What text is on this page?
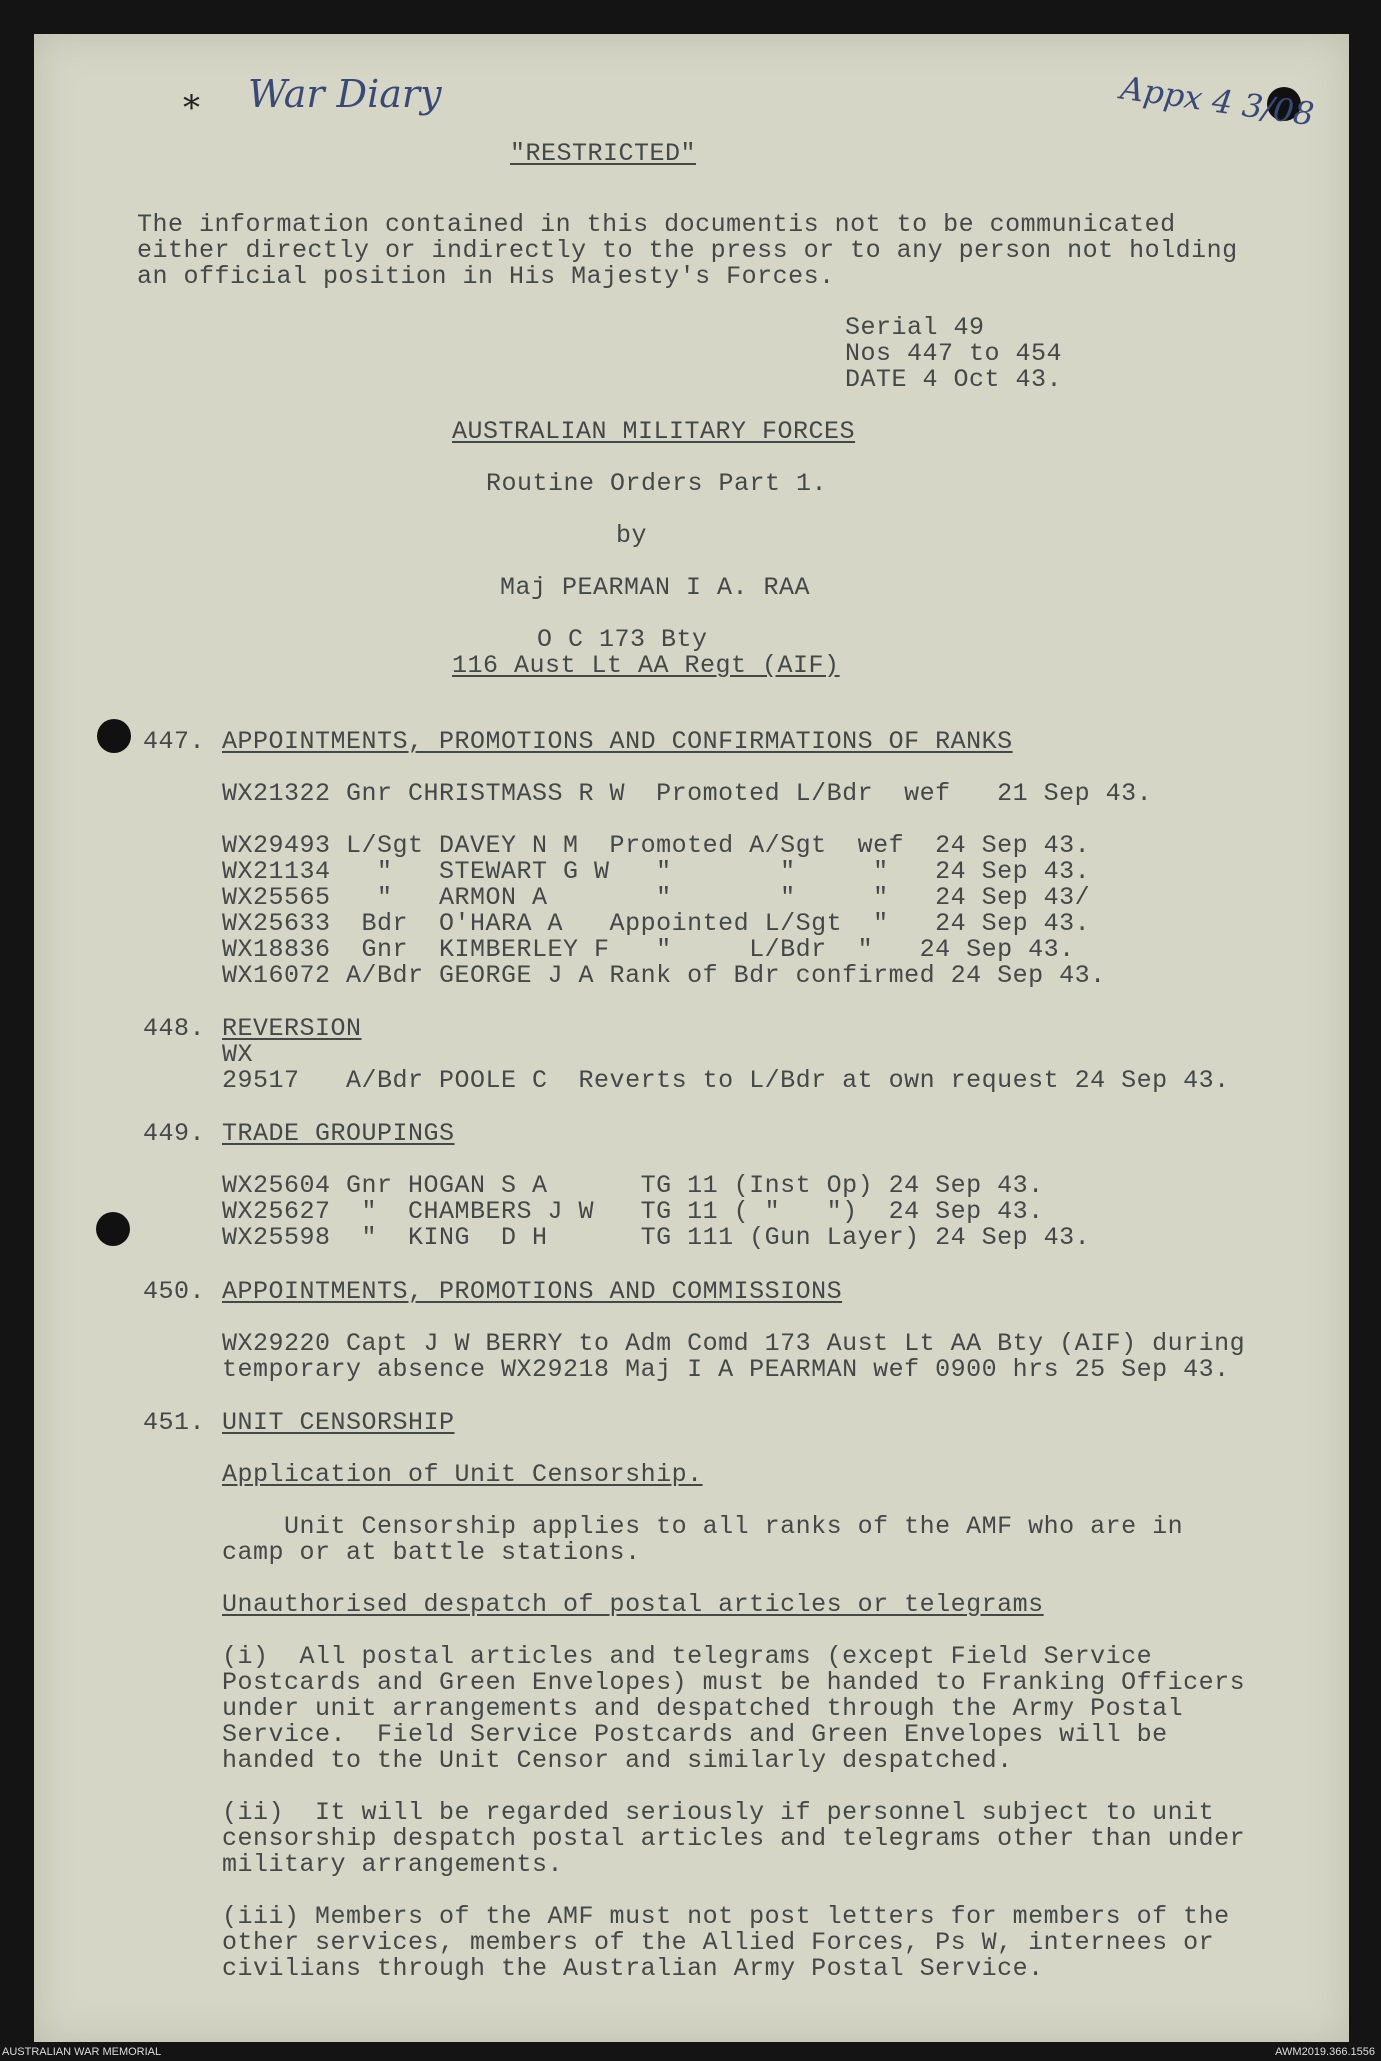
* War Diary	Appx 4 3/08
"RESTRICTED"
The information contained in this documentis not to be communicated
either directly or indirectly to the press or to any person not holding
an official position in His Majesty's Forces.
Serial 49
Nos 447 to 454
DATE 4 Oct 43.
AUSTRALIAN MILITARY FORCES
Routine Orders Part 1.
by
Maj PEARMAN I A. RAA
O C 173 Bty
116 Aust Lt AA Regt (AIF)
447. APPOINTMENTS, PROMOTIONS AND CONFIRMATIONS OF RANKS
WX21322 Gnr CHRISTMASS R W  Promoted L/Bdr  wef   21 Sep 43.
WX29493 L/Sgt DAVEY N M  Promoted A/Sgt  wef  24 Sep 43.
WX21134   "   STEWART G W   "       "     "   24 Sep 43.
WX25565   "   ARMON A       "       "     "   24 Sep 43/
WX25633  Bdr  O'HARA A   Appointed L/Sgt  "   24 Sep 43.
WX18836  Gnr  KIMBERLEY F   "     L/Bdr  "   24 Sep 43.
WX16072 A/Bdr GEORGE J A Rank of Bdr confirmed 24 Sep 43.
448. REVERSION
WX
29517   A/Bdr POOLE C  Reverts to L/Bdr at own request 24 Sep 43.
449. TRADE GROUPINGS
WX25604 Gnr HOGAN S A      TG 11 (Inst Op) 24 Sep 43.
WX25627  "  CHAMBERS J W   TG 11 ( "   ")  24 Sep 43.
WX25598  "  KING  D H      TG 111 (Gun Layer) 24 Sep 43.
450. APPOINTMENTS, PROMOTIONS AND COMMISSIONS
WX29220 Capt J W BERRY to Adm Comd 173 Aust Lt AA Bty (AIF) during
temporary absence WX29218 Maj I A PEARMAN wef 0900 hrs 25 Sep 43.
451. UNIT CENSORSHIP
Application of Unit Censorship.
Unit Censorship applies to all ranks of the AMF who are in
camp or at battle stations.
Unauthorised despatch of postal articles or telegrams
(i)  All postal articles and telegrams (except Field Service
Postcards and Green Envelopes) must be handed to Franking Officers
under unit arrangements and despatched through the Army Postal
Service.  Field Service Postcards and Green Envelopes will be
handed to the Unit Censor and similarly despatched.
(ii)  It will be regarded seriously if personnel subject to unit
censorship despatch postal articles and telegrams other than under
military arrangements.
(iii) Members of the AMF must not post letters for members of the
other services, members of the Allied Forces, Ps W, internees or
civilians through the Australian Army Postal Service.
AUSTRALIAN WAR MEMORIAL	AWM2019.366.1556
